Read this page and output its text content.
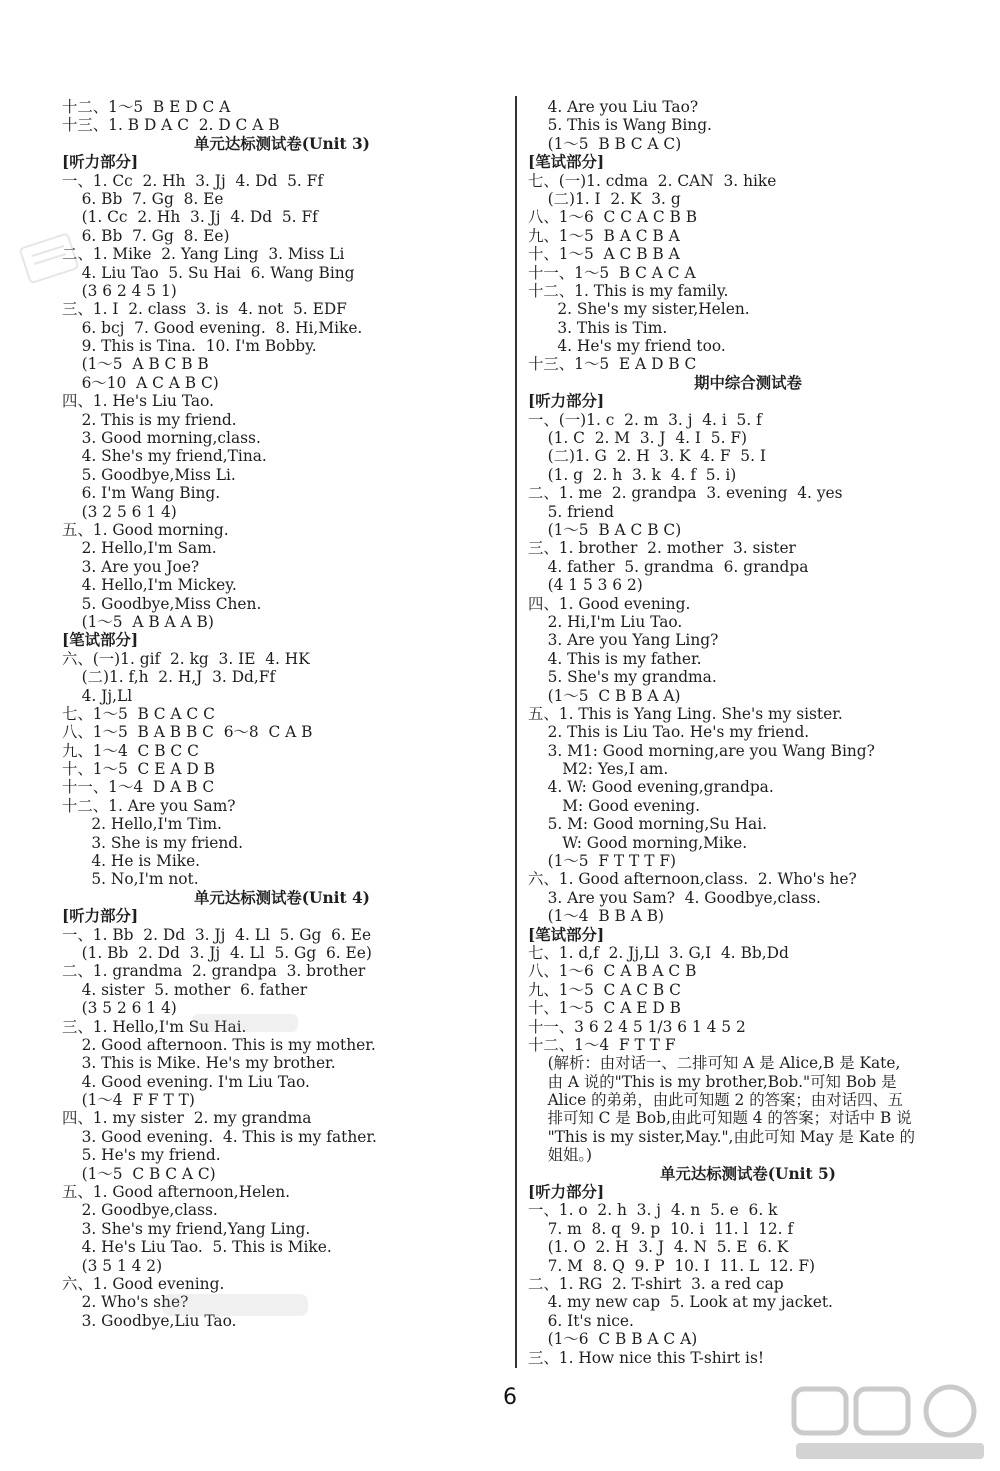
十二、1～5  B E D C A
十三、1. B D A C  2. D C A B
单元达标测试卷(Unit 3)
[听力部分]
一、1. Cc  2. Hh  3. Jj  4. Dd  5. Ff
6. Bb  7. Gg  8. Ee
(1. Cc  2. Hh  3. Jj  4. Dd  5. Ff
6. Bb  7. Gg  8. Ee)
二、1. Mike  2. Yang Ling  3. Miss Li
4. Liu Tao  5. Su Hai  6. Wang Bing
(3 6 2 4 5 1)
三、1. I  2. class  3. is  4. not  5. EDF
6. bcj  7. Good evening.  8. Hi,Mike.
9. This is Tina.  10. I'm Bobby.
(1～5  A B C B B
6～10  A C A B C)
四、1. He's Liu Tao.
2. This is my friend.
3. Good morning,class.
4. She's my friend,Tina.
5. Goodbye,Miss Li.
6. I'm Wang Bing.
(3 2 5 6 1 4)
五、1. Good morning.
2. Hello,I'm Sam.
3. Are you Joe?
4. Hello,I'm Mickey.
5. Goodbye,Miss Chen.
(1～5  A B A A B)
[笔试部分]
六、(一)1. gif  2. kg  3. IE  4. HK
(二)1. f,h  2. H,J  3. Dd,Ff
4. Jj,Ll
七、1～5  B C A C C
八、1～5  B A B B C  6～8  C A B
九、1～4  C B C C
十、1～5  C E A D B
十一、1～4  D A B C
十二、1. Are you Sam?
2. Hello,I'm Tim.
3. She is my friend.
4. He is Mike.
5. No,I'm not.
单元达标测试卷(Unit 4)
[听力部分]
一、1. Bb  2. Dd  3. Jj  4. Ll  5. Gg  6. Ee
(1. Bb  2. Dd  3. Jj  4. Ll  5. Gg  6. Ee)
二、1. grandma  2. grandpa  3. brother
4. sister  5. mother  6. father
(3 5 2 6 1 4)
三、1. Hello,I'm Su Hai.
2. Good afternoon. This is my mother.
3. This is Mike. He's my brother.
4. Good evening. I'm Liu Tao.
(1～4  F F T T)
四、1. my sister  2. my grandma
3. Good evening.  4. This is my father.
5. He's my friend.
(1～5  C B C A C)
五、1. Good afternoon,Helen.
2. Goodbye,class.
3. She's my friend,Yang Ling.
4. He's Liu Tao.  5. This is Mike.
(3 5 1 4 2)
六、1. Good evening.
2. Who's she?
3. Goodbye,Liu Tao.
4. Are you Liu Tao?
5. This is Wang Bing.
(1～5  B B C A C)
[笔试部分]
七、(一)1. cdma  2. CAN  3. hike
(二)1. I  2. K  3. g
八、1～6  C C A C B B
九、1～5  B A C B A
十、1～5  A C B B A
十一、1～5  B C A C A
十二、1. This is my family.
2. She's my sister,Helen.
3. This is Tim.
4. He's my friend too.
十三、1～5  E A D B C
期中综合测试卷
[听力部分]
一、(一)1. c  2. m  3. j  4. i  5. f
(1. C  2. M  3. J  4. I  5. F)
(二)1. G  2. H  3. K  4. F  5. I
(1. g  2. h  3. k  4. f  5. i)
二、1. me  2. grandpa  3. evening  4. yes
5. friend
(1～5  B A C B C)
三、1. brother  2. mother  3. sister
4. father  5. grandma  6. grandpa
(4 1 5 3 6 2)
四、1. Good evening.
2. Hi,I'm Liu Tao.
3. Are you Yang Ling?
4. This is my father.
5. She's my grandma.
(1～5  C B B A A)
五、1. This is Yang Ling. She's my sister.
2. This is Liu Tao. He's my friend.
3. M1: Good morning,are you Wang Bing?
M2: Yes,I am.
4. W: Good evening,grandpa.
M: Good evening.
5. M: Good morning,Su Hai.
W: Good morning,Mike.
(1～5  F T T T F)
六、1. Good afternoon,class.  2. Who's he?
3. Are you Sam?  4. Goodbye,class.
(1～4  B B A B)
[笔试部分]
七、1. d,f  2. Jj,Ll  3. G,I  4. Bb,Dd
八、1～6  C A B A C B
九、1～5  C A C B C
十、1～5  C A E D B
十一、3 6 2 4 5 1/3 6 1 4 5 2
十二、1～4  F T T F
(解析：由对话一、二排可知 A 是 Alice,B 是 Kate,
由 A 说的"This is my brother,Bob."可知 Bob 是
Alice 的弟弟，由此可知题 2 的答案；由对话四、五
排可知 C 是 Bob,由此可知题 4 的答案；对话中 B 说
"This is my sister,May.",由此可知 May 是 Kate 的
姐姐。)
单元达标测试卷(Unit 5)
[听力部分]
一、1. o  2. h  3. j  4. n  5. e  6. k
7. m  8. q  9. p  10. i  11. l  12. f
(1. O  2. H  3. J  4. N  5. E  6. K
7. M  8. Q  9. P  10. I  11. L  12. F)
二、1. RG  2. T-shirt  3. a red cap
4. my new cap  5. Look at my jacket.
6. It's nice.
(1～6  C B B A C A)
三、1. How nice this T-shirt is!
6
